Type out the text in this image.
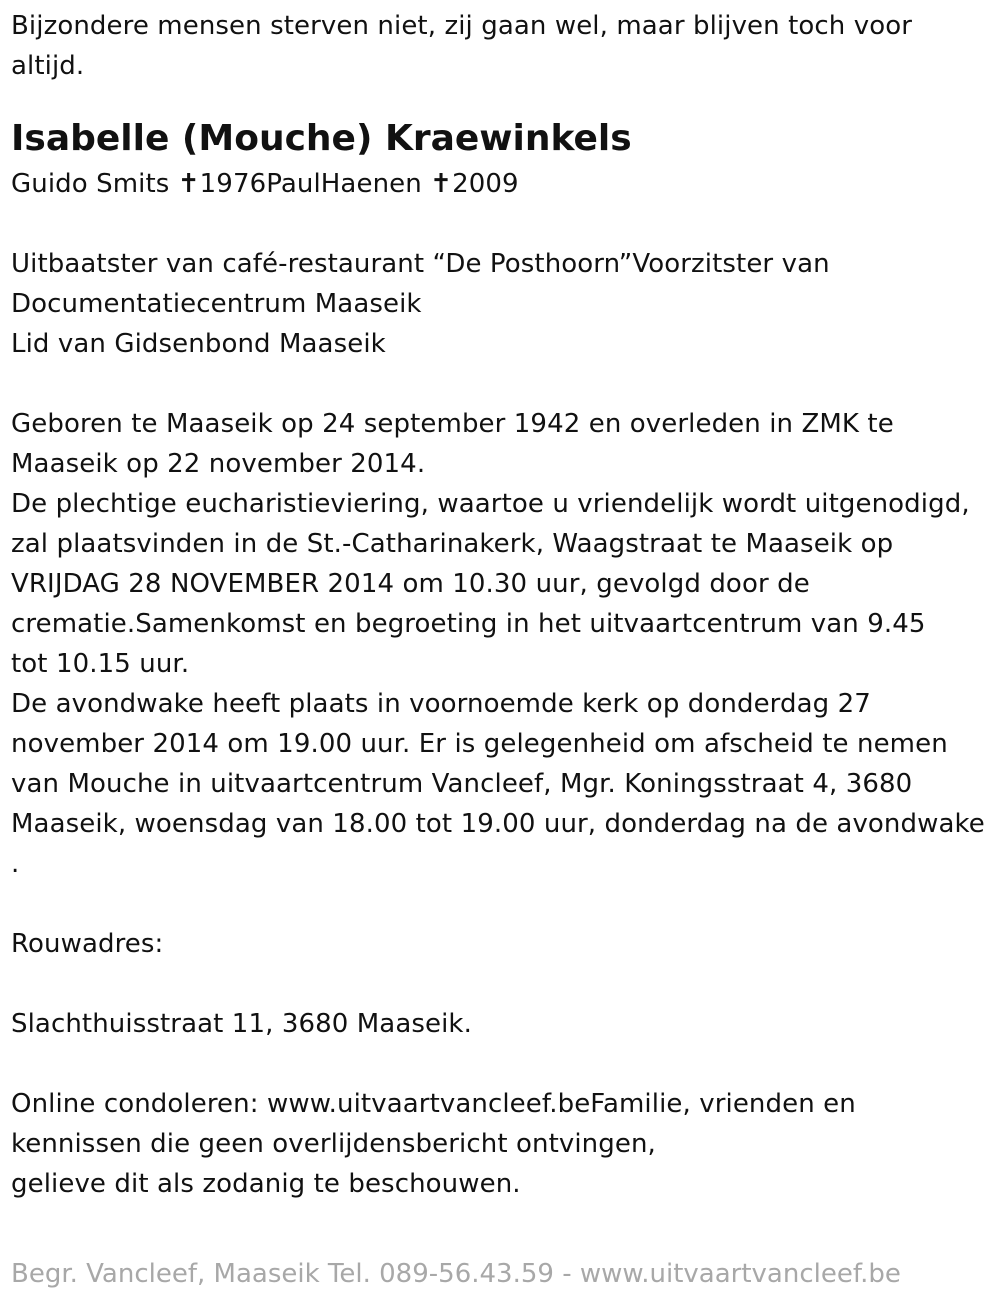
Bijzondere mensen sterven niet, zij gaan wel, maar blijven toch voor
altijd.
Isabelle (Mouche) Kraewinkels
Guido Smits ✝1976PaulHaenen ✝2009
Uitbaatster van café-restaurant “De Posthoorn”Voorzitster van
Documentatiecentrum Maaseik
Lid van Gidsenbond Maaseik
Geboren te Maaseik op 24 september 1942 en overleden in ZMK te
Maaseik op 22 november 2014.
De plechtige eucharistieviering, waartoe u vriendelijk wordt uitgenodigd,
zal plaatsvinden in de St.-Catharinakerk, Waagstraat te Maaseik op
VRIJDAG 28 NOVEMBER 2014 om 10.30 uur, gevolgd door de
crematie.Samenkomst en begroeting in het uitvaartcentrum van 9.45
tot 10.15 uur.
De avondwake heeft plaats in voornoemde kerk op donderdag 27
november 2014 om 19.00 uur. Er is gelegenheid om afscheid te nemen
van Mouche in uitvaartcentrum Vancleef, Mgr. Koningsstraat 4, 3680
Maaseik, woensdag van 18.00 tot 19.00 uur, donderdag na de avondwake
.
Rouwadres:
Slachthuisstraat 11, 3680 Maaseik.
Online condoleren: www.uitvaartvancleef.beFamilie, vrienden en
kennissen die geen overlijdensbericht ontvingen,
gelieve dit als zodanig te beschouwen.
Begr. Vancleef, Maaseik Tel. 089-56.43.59 - www.uitvaartvancleef.be
